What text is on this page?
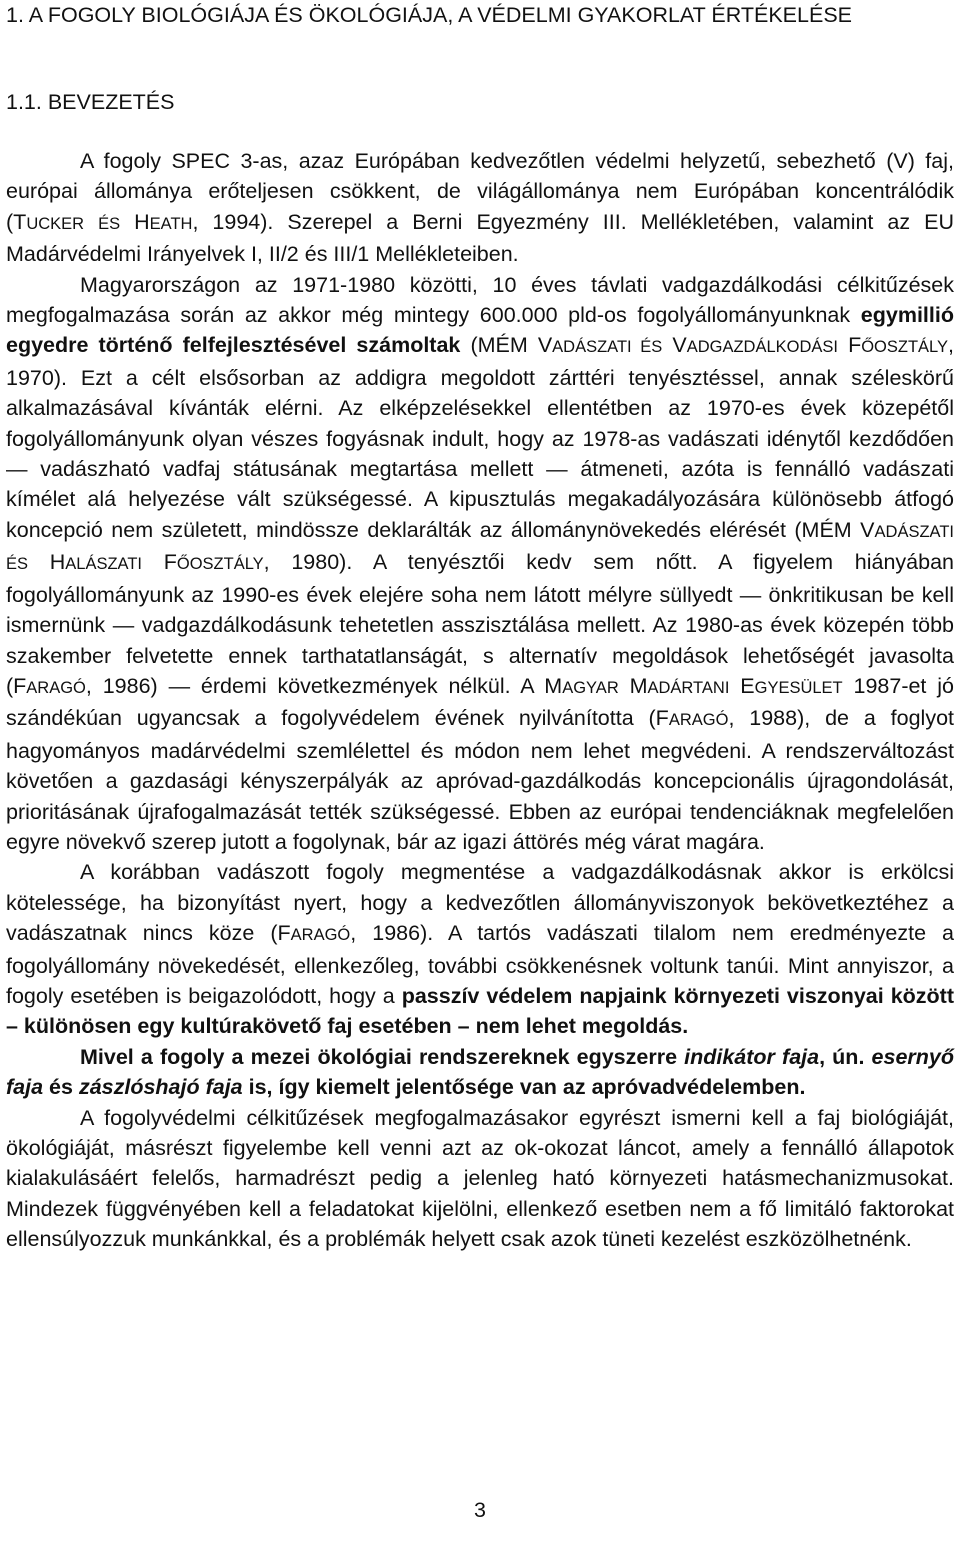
1. A FOGOLY BIOLÓGIÁJA ÉS ÖKOLÓGIÁJA, A VÉDELMI GYAKORLAT ÉRTÉKELÉSE
1.1. BEVEZETÉS

A fogoly SPEC 3-as, azaz Európában kedvezőtlen védelmi helyzetű, sebezhető (V) faj, európai állománya erőteljesen csökkent, de világállománya nem Európában koncentrálódik (TUCKER ÉS HEATH, 1994). Szerepel a Berni Egyezmény III. Mellékletében, valamint az EU Madárvédelmi Irányelvek I, II/2 és III/1 Mellékleteiben.

Magyarországon az 1971-1980 közötti, 10 éves távlati vadgazdálkodási célkitűzések megfogalmazása során az akkor még mintegy 600.000 pld-os fogolyállományunknak egymillió egyedre történő felfejlesztésével számoltak (MÉM VADÁSZATI ÉS VADGAZDÁLKODÁSI FŐOSZTÁLY, 1970). Ezt a célt elsősorban az addigra megoldott zárttéri tenyésztéssel, annak széleskörű alkalmazásával kívánták elérni. Az elképzelésekkel ellentétben az 1970-es évek közepétől fogolyállományunk olyan vészes fogyásnak indult, hogy az 1978-as vadászati idénytől kezdődően — vadászható vadfaj státusának megtartása mellett — átmeneti, azóta is fennálló vadászati kímélet alá helyezése vált szükségessé. A kipusztulás megakadályozására különösebb átfogó koncepció nem született, mindössze deklarálták az állománynövekedés elérését (MÉM VADÁSZATI ÉS HALÁSZATI FŐOSZTÁLY, 1980). A tenyésztői kedv sem nőtt. A figyelem hiányában fogolyállományunk az 1990-es évek elejére soha nem látott mélyre süllyedt — önkritikusan be kell ismernünk — vadgazdálkodásunk tehetetlen asszisztálása mellett. Az 1980-as évek közepén több szakember felvetette ennek tarthatatlanságát, s alternatív megoldások lehetőségét javasolta (FARAGÓ, 1986) — érdemi következmények nélkül. A MAGYAR MADÁRTANI EGYESÜLET 1987-et jó szándékúan ugyancsak a fogolyvédelem évének nyilvánította (FARAGÓ, 1988), de a foglyot hagyományos madárvédelmi szemlélettel és módon nem lehet megvédeni. A rendszerváltozást követően a gazdasági kényszerpályák az apróvad-gazdálkodás koncepcionális újragondolását, prioritásának újrafogalmazását tették szükségessé. Ebben az európai tendenciáknak megfelelően egyre növekvő szerep jutott a fogolynak, bár az igazi áttörés még várat magára.

A korábban vadászott fogoly megmentése a vadgazdálkodásnak akkor is erkölcsi kötelessége, ha bizonyítást nyert, hogy a kedvezőtlen állományviszonyok bekövetkeztéhez a vadászatnak nincs köze (FARAGÓ, 1986). A tartós vadászati tilalom nem eredményezte a fogolyállomány növekedését, ellenkezőleg, további csökkenésnek voltunk tanúi. Mint annyiszor, a fogoly esetében is beigazolódott, hogy a passzív védelem napjaink környezeti viszonyai között – különösen egy kultúrakövető faj esetében – nem lehet megoldás.

Mivel a fogoly a mezei ökológiai rendszereknek egyszerre indikátor faja, ún. esernyő faja és zászlóshajó faja is, így kiemelt jelentősége van az apróvadvédelemben.

A fogolyvédelmi célkitűzések megfogalmazásakor egyrészt ismerni kell a faj biológiáját, ökológiáját, másrészt figyelembe kell venni azt az ok-okozat láncot, amely a fennálló állapotok kialakulásáért felelős, harmadrészt pedig a jelenleg ható környezeti hatásmechanizmusokat. Mindezek függvényében kell a feladatokat kijelölni, ellenkező esetben nem a fő limitáló faktorokat ellensúlyozzuk munkánkkal, és a problémák helyett csak azok tüneti kezelést eszközölhetnénk.

3
